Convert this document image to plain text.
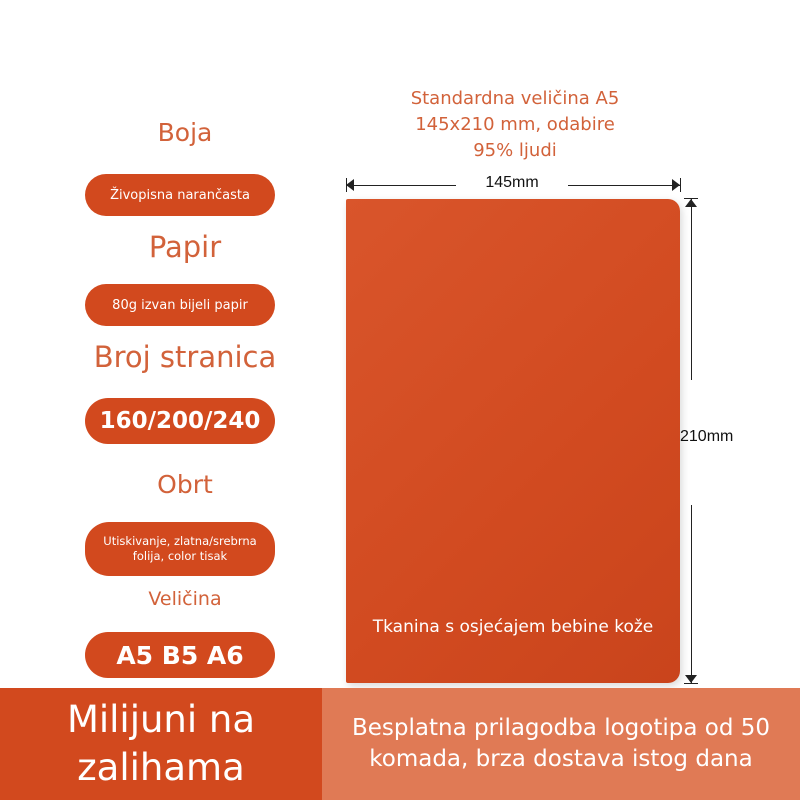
Boja
Živopisna narančasta
Papir
80g izvan bijeli papir
Broj stranica
160/200/240
Obrt
Utiskivanje, zlatna/srebrna folija, color tisak
Veličina
A5 B5 A6
Standardna veličina A5
145x210 mm, odabire
95% ljudi
145mm
210mm
Tkanina s osjećajem bebine kože
Milijuni na zalihama
Besplatna prilagodba logotipa od 50 komada, brza dostava istog dana
